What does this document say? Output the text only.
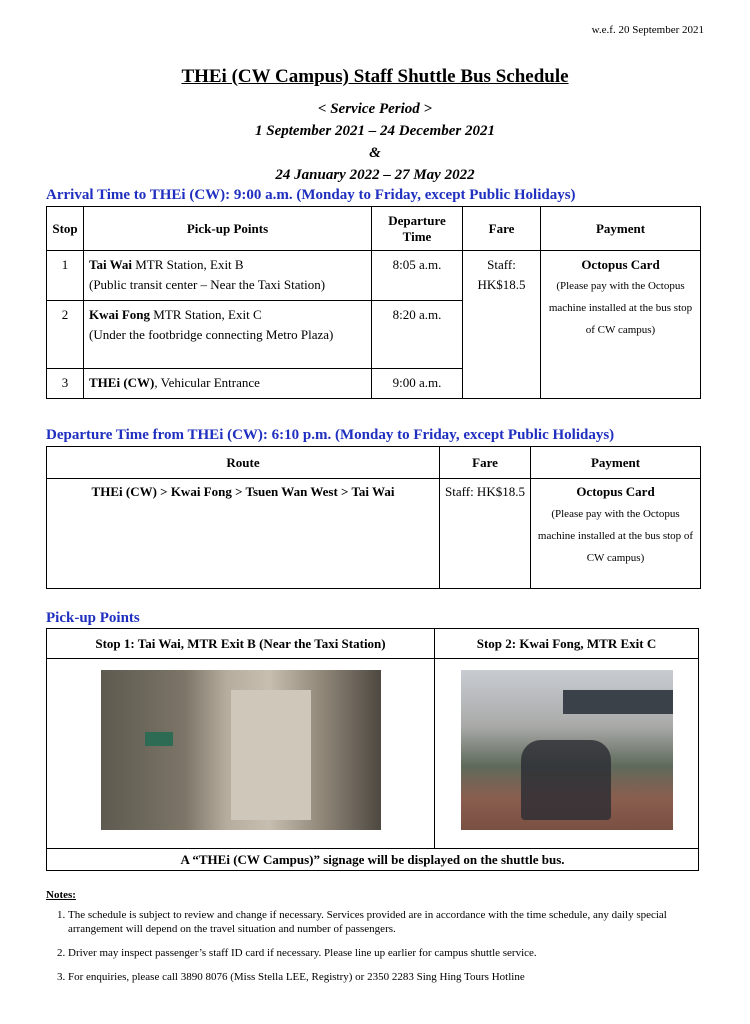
w.e.f. 20 September 2021
THEi (CW Campus) Staff Shuttle Bus Schedule
< Service Period >
1 September 2021 – 24 December 2021
&
24 January 2022 – 27 May 2022
Arrival Time to THEi (CW): 9:00 a.m. (Monday to Friday, except Public Holidays)
Stop	Pick-up Points	Departure Time	Fare	Payment
1	Tai Wai MTR Station, Exit B
(Public transit center – Near the Taxi Station)	8:05 a.m.	Staff: HK$18.5	Octopus Card
(Please pay with the Octopus machine installed at the bus stop of CW campus)

2	Kwai Fong MTR Station, Exit C
(Under the footbridge connecting Metro Plaza)	8:20 a.m.		
3	THEi (CW), Vehicular Entrance	9:00 a.m.		
Departure Time from THEi (CW): 6:10 p.m. (Monday to Friday, except Public Holidays)
Route	Fare	Payment
THEi (CW) > Kwai Fong > Tsuen Wan West > Tai Wai	Staff: HK$18.5	Octopus Card
(Please pay with the Octopus machine installed at the bus stop of CW campus)
Pick-up Points
Stop 1: Tai Wai, MTR Exit B (Near the Taxi Station)	Stop 2: Kwai Fong, MTR Exit C

A “THEi (CW Campus)” signage will be displayed on the shuttle bus.	
Notes:
1. The schedule is subject to review and change if necessary. Services provided are in accordance with the time schedule, any daily special arrangement will depend on the travel situation and number of passengers.
2. Driver may inspect passenger’s staff ID card if necessary. Please line up earlier for campus shuttle service.
3. For enquiries, please call 3890 8076 (Miss Stella LEE, Registry) or 2350 2283 Sing Hing Tours Hotline
